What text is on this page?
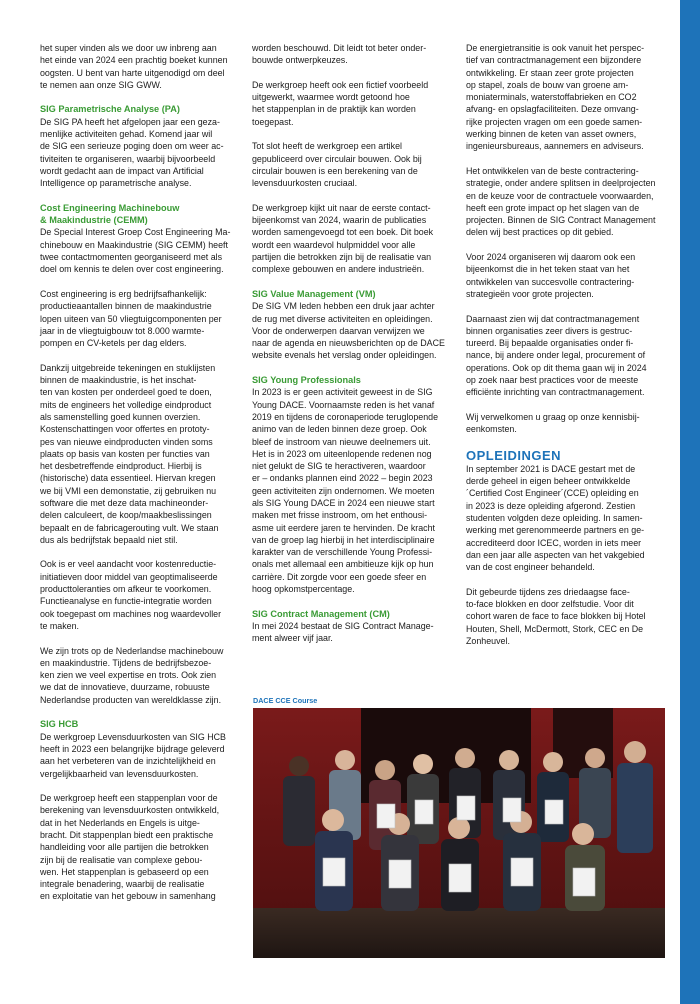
het super vinden als we door uw inbreng aan
het einde van 2024 een prachtig boeket kunnen
oogsten. U bent van harte uitgenodigd om deel
te nemen aan onze SIG GWW.
SIG Parametrische Analyse (PA)
De SIG PA heeft het afgelopen jaar een geza-
menlijke activiteiten gehad. Komend jaar wil
de SIG een serieuze poging doen om weer ac-
tiviteiten te organiseren, waarbij bijvoorbeeld
wordt gedacht aan de impact van Artificial
Intelligence op parametrische analyse.
Cost Engineering Machinebouw
& Maakindustrie (CEMM)
De Special Interest Groep Cost Engineering Ma-
chinebouw en Maakindustrie (SIG CEMM) heeft
twee contactmomenten georganiseerd met als
doel om kennis te delen over cost engineering.
Cost engineering is erg bedrijfsafhankelijk:
productieaantallen binnen de maakindustrie
lopen uiteen van 50 vliegtuigcomponenten per
jaar in de vliegtuigbouw tot 8.000 warmte-
pompen en CV-ketels per dag elders.
Dankzij uitgebreide tekeningen en stuklijsten
binnen de maakindustrie, is het inschat-
ten van kosten per onderdeel goed te doen,
mits de engineers het volledige eindproduct
als samenstelling goed kunnen overzien.
Kostenschattingen voor offertes en prototy-
pes van nieuwe eindproducten vinden soms
plaats op basis van kosten per functies van
het desbetreffende eindproduct. Hierbij is
(historische) data essentieel. Hiervan kregen
we bij VMI een demonstatie, zij gebruiken nu
software die met deze data machineonder-
delen calculeert, de koop/maakbeslissingen
bepaalt en de fabricagerouting vult. We staan
dus als bedrijfstak bepaald niet stil.
Ook is er veel aandacht voor kostenreductie-
initiatieven door middel van geoptimaliseerde
producttoleranties om afkeur te voorkomen.
Functieanalyse en functie-integratie worden
ook toegepast om machines nog waardevoller
te maken.
We zijn trots op de Nederlandse machinebouw
en maakindustrie. Tijdens de bedrijfsbezoe-
ken zien we veel expertise en trots. Ook zien
we dat de innovatieve, duurzame, robuuste
Nederlandse producten van wereldklasse zijn.
SIG HCB
De werkgroep Levensduurkosten van SIG HCB
heeft in 2023 een belangrijke bijdrage geleverd
aan het verbeteren van de inzichtelijkheid en
vergelijkbaarheid van levensduurkosten.
De werkgroep heeft een stappenplan voor de
berekening van levensduurkosten ontwikkeld,
dat in het Nederlands en Engels is uitge-
bracht. Dit stappenplan biedt een praktische
handleiding voor alle partijen die betrokken
zijn bij de realisatie van complexe gebou-
wen. Het stappenplan is gebaseerd op een
integrale benadering, waarbij de realisatie
en exploitatie van het gebouw in samenhang
worden beschouwd. Dit leidt tot beter onder-
bouwde ontwerpkeuzes.
De werkgroep heeft ook een fictief voorbeeld
uitgewerkt, waarmee wordt getoond hoe
het stappenplan in de praktijk kan worden
toegepast.
Tot slot heeft de werkgroep een artikel
gepubliceerd over circulair bouwen. Ook bij
circulair bouwen is een berekening van de
levensduurkosten cruciaal.
De werkgroep kijkt uit naar de eerste contact-
bijeenkomst van 2024, waarin de publicaties
worden samengevoegd tot een boek. Dit boek
wordt een waardevol hulpmiddel voor alle
partijen die betrokken zijn bij de realisatie van
complexe gebouwen en andere industrieën.
SIG Value Management (VM)
De SIG VM leden hebben een druk jaar achter
de rug met diverse activiteiten en opleidingen.
Voor de onderwerpen daarvan verwijzen we
naar de agenda en nieuwsberichten op de DACE
website evenals het verslag onder opleidingen.
SIG Young Professionals
In 2023 is er geen activiteit geweest in de SIG
Young DACE. Voornaamste reden is het vanaf
2019 en tijdens de coronaperiode teruglopende
animo van de leden binnen deze groep. Ook
bleef de instroom van nieuwe deelnemers uit.
Het is in 2023 om uiteenlopende redenen nog
niet gelukt de SIG te heractiveren, waardoor
er – ondanks plannen eind 2022 – begin 2023
geen activiteiten zijn ondernomen. We moeten
als SIG Young DACE in 2024 een nieuwe start
maken met frisse instroom, om het enthousi-
asme uit eerdere jaren te hervinden. De kracht
van de groep lag hierbij in het interdisciplinaire
karakter van de verschillende Young Professi-
onals met allemaal een ambitieuze kijk op hun
carrière. Dit zorgde voor een goede sfeer en
hoog opkomstpercentage.
SIG Contract Management (CM)
In mei 2024 bestaat de SIG Contract Manage-
ment alweer vijf jaar.
De energietransitie is ook vanuit het perspec-
tief van contractmanagement een bijzondere
ontwikkeling. Er staan zeer grote projecten
op stapel, zoals de bouw van groene am-
moniaterminals, waterstoffabrieken en CO2
afvang- en opslagfaciliteiten. Deze omvang-
rijke projecten vragen om een goede samen-
werking binnen de keten van asset owners,
ingenieursbureaus, aannemers en adviseurs.
Het ontwikkelen van de beste contractering-
strategie, onder andere splitsen in deelprojecten
en de keuze voor de contractuele voorwaarden,
heeft een grote impact op het slagen van de
projecten. Binnen de SIG Contract Management
delen wij best practices op dit gebied.
Voor 2024 organiseren wij daarom ook een
bijeenkomst die in het teken staat van het
ontwikkelen van succesvolle contractering-
strategieën voor grote projecten.
Daarnaast zien wij dat contractmanagement
binnen organisaties zeer divers is gestruc-
tureerd. Bij bepaalde organisaties onder fi-
nance, bij andere onder legal, procurement of
operations. Ook op dit thema gaan wij in 2024
op zoek naar best practices voor de meeste
efficiënte inrichting van contractmanagement.
Wij verwelkomen u graag op onze kennisbij-
eenkomsten.
OPLEIDINGEN
In september 2021 is DACE gestart met de
derde geheel in eigen beheer ontwikkelde
´Certified Cost Engineer´(CCE) opleiding en
in 2023 is deze opleiding afgerond. Zestien
studenten volgden deze opleiding. In samen-
werking met gerenommeerde partners en ge-
accrediteerd door ICEC, worden in iets meer
dan een jaar alle aspecten van het vakgebied
van de cost engineer behandeld.
Dit gebeurde tijdens zes driedaagse face-
to-face blokken en door zelfstudie. Voor dit
cohort waren de face to face blokken bij Hotel
Houten, Shell, McDermott, Stork, CEC en De
Zonheuvel.
DACE CCE Course
